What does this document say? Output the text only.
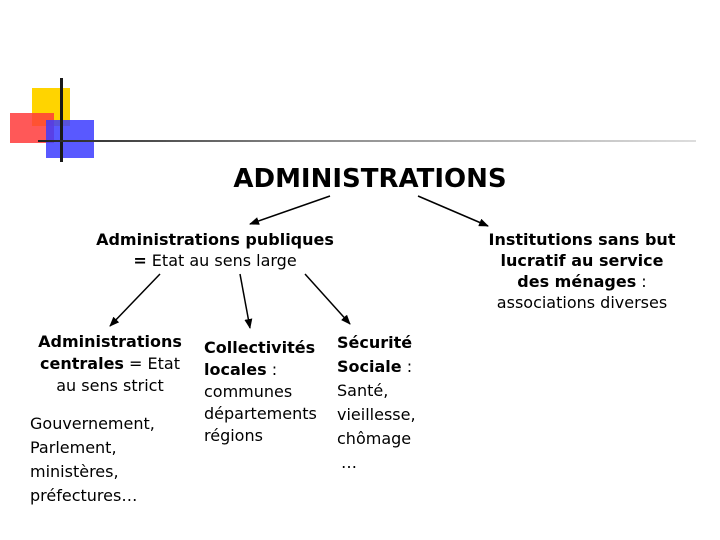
ADMINISTRATIONS
Administrations publiques
= Etat au sens large
Institutions sans but
lucratif au service
des ménages :
associations diverses
Administrations
centrales = Etat
au sens strict
Gouvernement,
Parlement,
ministères,
préfectures…
Collectivités
locales :
communes
départements
régions
Sécurité
Sociale :
Santé,
vieillesse,
chômage
…
